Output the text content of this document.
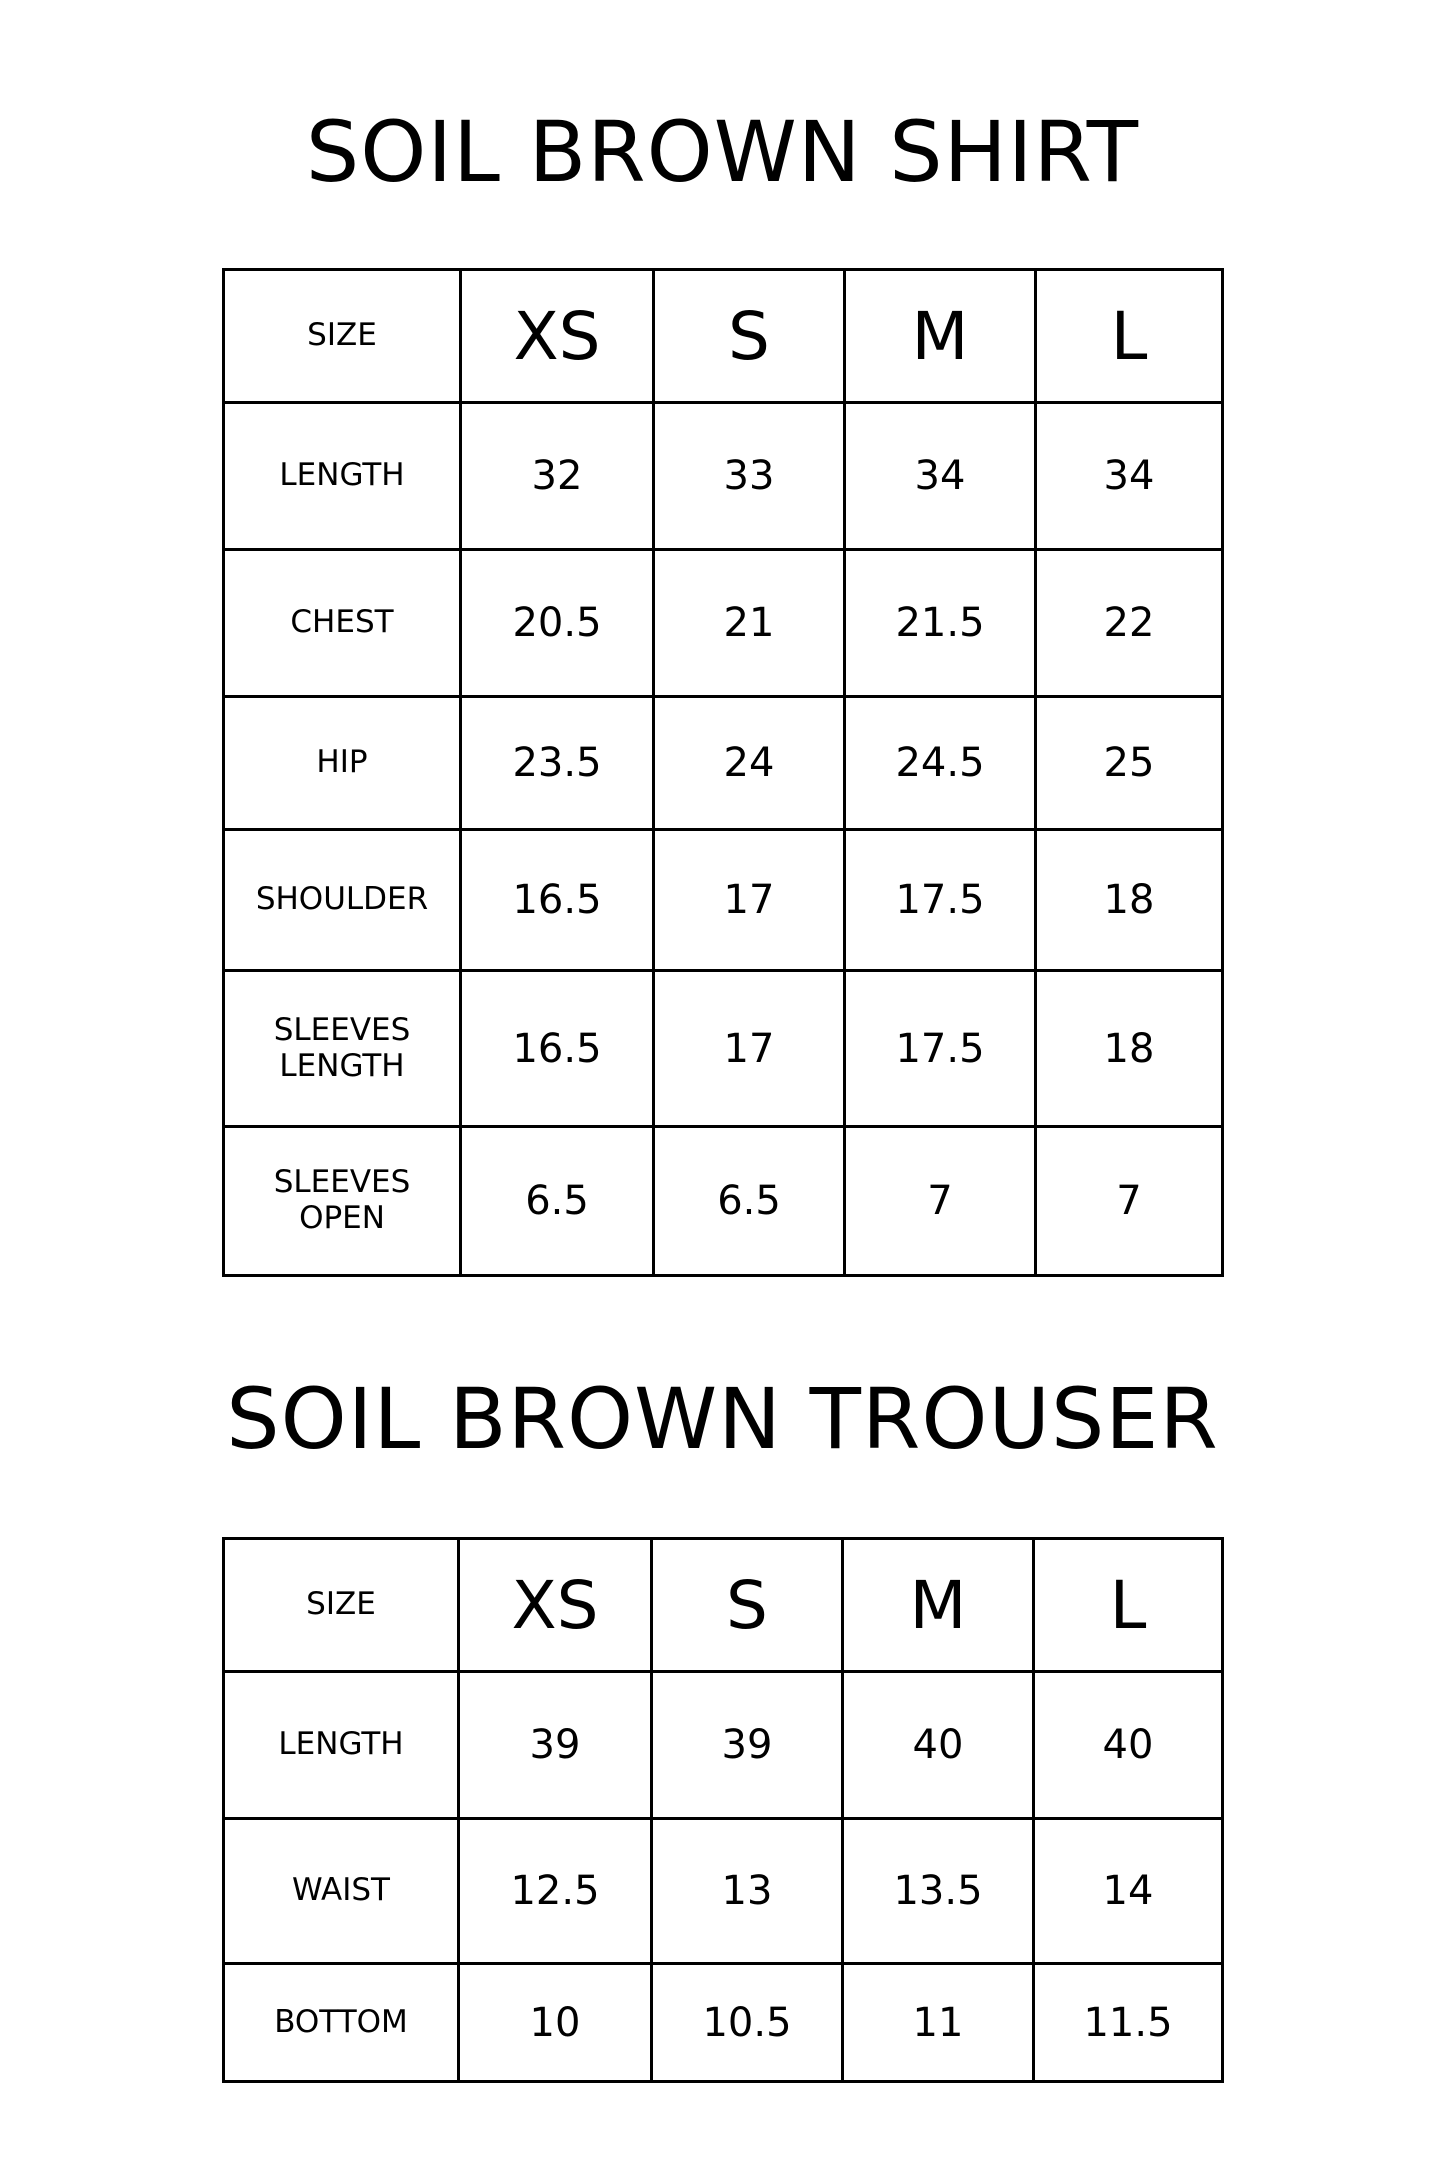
SOIL BROWN SHIRT
SIZE	XS	S	M	L

LENGTH	32	33	34	34

CHEST	20.5	21	21.5	22

HIP	23.5	24	24.5	25

SHOULDER	16.5	17	17.5	18

SLEEVES
LENGTH	16.5	17	17.5	18

SLEEVES
OPEN	6.5	6.5	7	7
SOIL BROWN TROUSER
SIZE	XS	S	M	L

LENGTH	39	39	40	40

WAIST	12.5	13	13.5	14

BOTTOM	10	10.5	11	11.5
